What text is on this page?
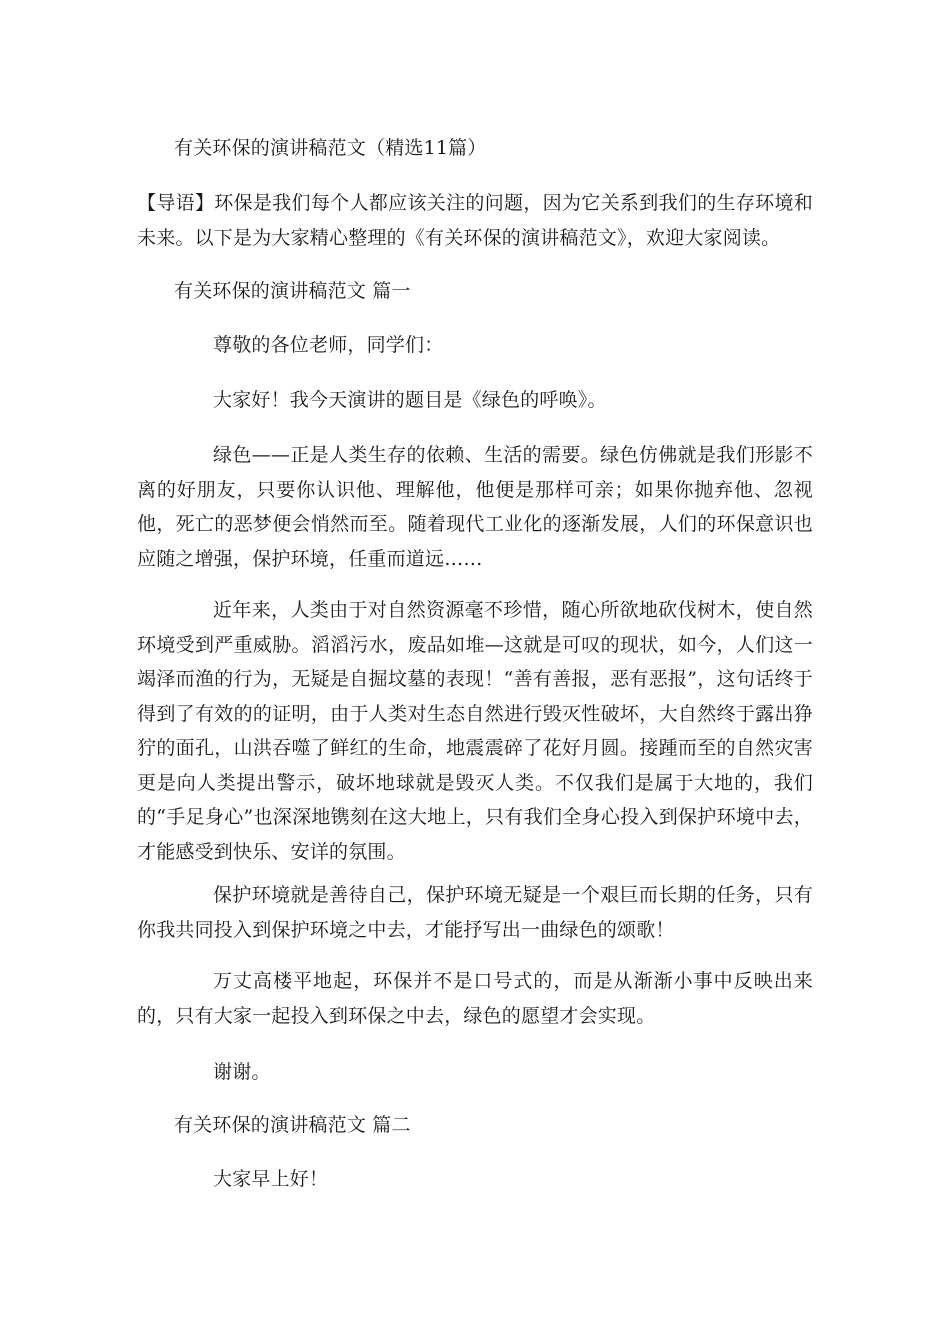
有关环保的演讲稿范文（精选11篇）
【导语】环保是我们每个人都应该关注的问题，因为它关系到我们的生存环境和未来。以下是为大家精心整理的《有关环保的演讲稿范文》，欢迎大家阅读。
有关环保的演讲稿范文 篇一
尊敬的各位老师，同学们：
大家好！我今天演讲的题目是《绿色的呼唤》。
绿色——正是人类生存的依赖、生活的需要。绿色仿佛就是我们形影不离的好朋友，只要你认识他、理解他，他便是那样可亲；如果你抛弃他、忽视他，死亡的恶梦便会悄然而至。随着现代工业化的逐渐发展，人们的环保意识也应随之增强，保护环境，任重而道远……
近年来，人类由于对自然资源毫不珍惜，随心所欲地砍伐树木，使自然环境受到严重威胁。滔滔污水，废品如堆—这就是可叹的现状，如今，人们这一竭泽而渔的行为，无疑是自掘坟墓的表现！“善有善报，恶有恶报”，这句话终于得到了有效的的证明，由于人类对生态自然进行毁灭性破坏，大自然终于露出狰狞的面孔，山洪吞噬了鲜红的生命，地震震碎了花好月圆。接踵而至的自然灾害更是向人类提出警示，破坏地球就是毁灭人类。不仅我们是属于大地的，我们的“手足身心”也深深地镌刻在这大地上，只有我们全身心投入到保护环境中去，才能感受到快乐、安详的氛围。
保护环境就是善待自己，保护环境无疑是一个艰巨而长期的任务，只有你我共同投入到保护环境之中去，才能抒写出一曲绿色的颂歌！
万丈高楼平地起，环保并不是口号式的，而是从渐渐小事中反映出来的，只有大家一起投入到环保之中去，绿色的愿望才会实现。
谢谢。
有关环保的演讲稿范文 篇二
大家早上好！
